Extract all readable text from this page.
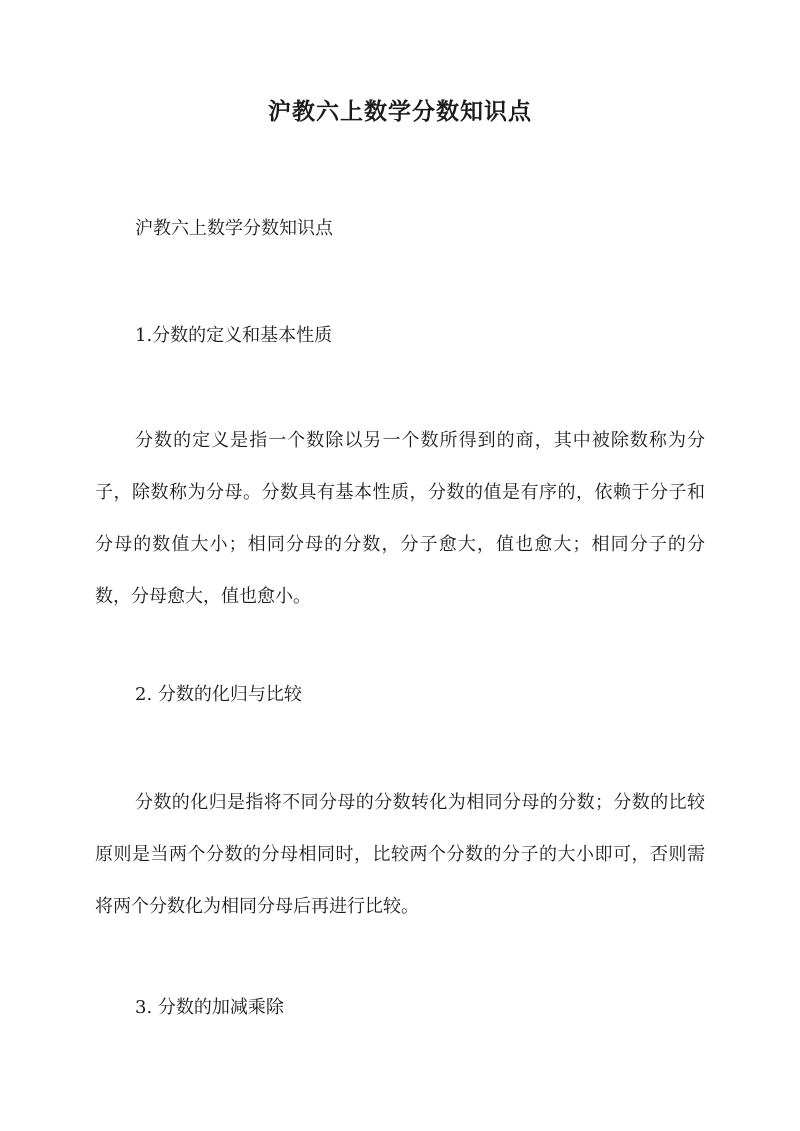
沪教六上数学分数知识点
沪教六上数学分数知识点
1.分数的定义和基本性质

分数的定义是指一个数除以另一个数所得到的商，其中被除数称为分子，除数称为分母。分数具有基本性质，分数的值是有序的，依赖于分子和分母的数值大小；相同分母的分数，分子愈大，值也愈大；相同分子的分数，分母愈大，值也愈小。

2. 分数的化归与比较

分数的化归是指将不同分母的分数转化为相同分母的分数；分数的比较原则是当两个分数的分母相同时，比较两个分数的分子的大小即可，否则需将两个分数化为相同分母后再进行比较。

3. 分数的加减乘除
